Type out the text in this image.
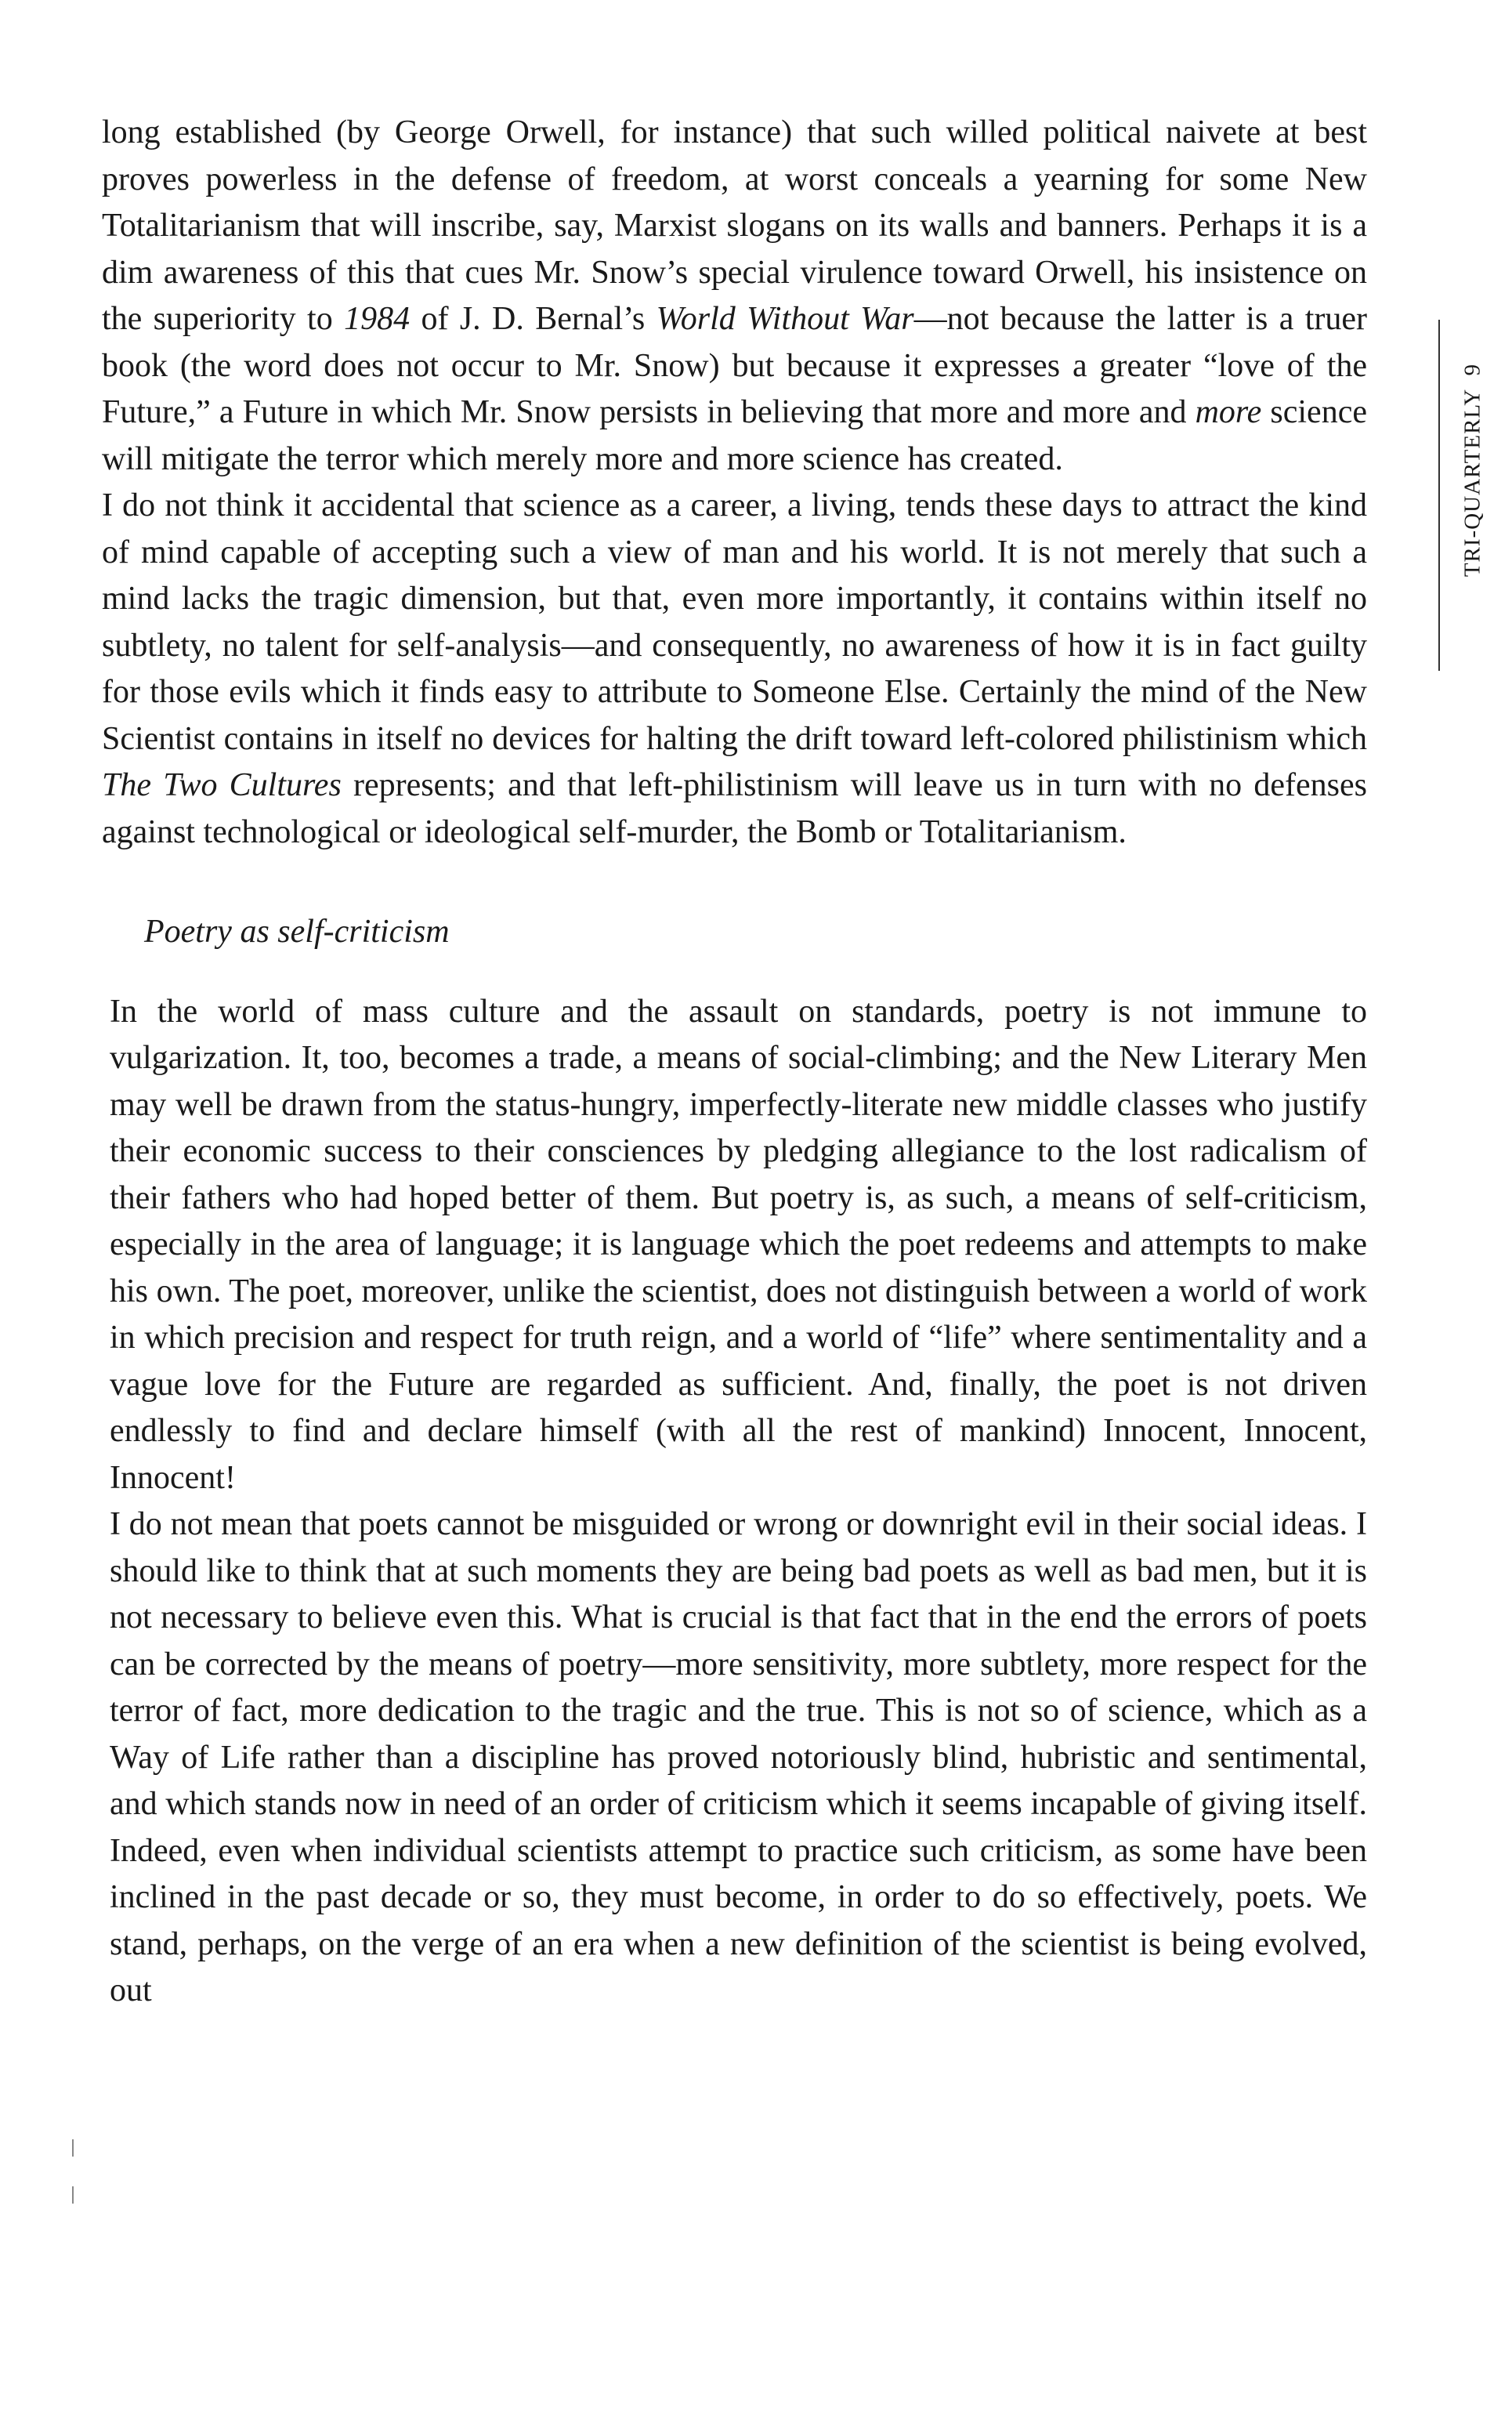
TRI-QUARTERLY  9

long established (by George Orwell, for instance) that such willed political naivete at best proves powerless in the defense of freedom, at worst conceals a yearning for some New Totalitarianism that will inscribe, say, Marxist slogans on its walls and banners. Perhaps it is a dim awareness of this that cues Mr. Snow’s special virulence toward Orwell, his insistence on the superiority to 1984 of J. D. Bernal’s World Without War—not because the latter is a truer book (the word does not occur to Mr. Snow) but because it expresses a greater “love of the Future,” a Future in which Mr. Snow persists in believing that more and more and more science will mitigate the terror which merely more and more science has created.

I do not think it accidental that science as a career, a living, tends these days to attract the kind of mind capable of accepting such a view of man and his world. It is not merely that such a mind lacks the tragic dimension, but that, even more importantly, it contains within itself no subtlety, no talent for self-analysis—and consequently, no awareness of how it is in fact guilty for those evils which it finds easy to attribute to Someone Else. Certainly the mind of the New Scientist contains in itself no devices for halting the drift toward left-colored philistinism which The Two Cultures represents; and that left-philistinism will leave us in turn with no defenses against technological or ideological self-murder, the Bomb or Totalitarianism.

Poetry as self-criticism

In the world of mass culture and the assault on standards, poetry is not immune to vulgarization. It, too, becomes a trade, a means of social-climbing; and the New Literary Men may well be drawn from the status-hungry, imperfectly-literate new middle classes who justify their economic success to their consciences by pledging allegiance to the lost radicalism of their fathers who had hoped better of them. But poetry is, as such, a means of self-criticism, especially in the area of language; it is language which the poet redeems and attempts to make his own. The poet, moreover, unlike the scientist, does not distinguish between a world of work in which precision and respect for truth reign, and a world of “life” where sentimentality and a vague love for the Future are regarded as sufficient. And, finally, the poet is not driven endlessly to find and declare himself (with all the rest of mankind) Innocent, Innocent, Innocent!

I do not mean that poets cannot be misguided or wrong or downright evil in their social ideas. I should like to think that at such moments they are being bad poets as well as bad men, but it is not necessary to believe even this. What is crucial is that fact that in the end the errors of poets can be corrected by the means of poetry—more sensitivity, more subtlety, more respect for the terror of fact, more dedication to the tragic and the true. This is not so of science, which as a Way of Life rather than a discipline has proved notoriously blind, hubristic and sentimental, and which stands now in need of an order of criticism which it seems incapable of giving itself. Indeed, even when individual scientists attempt to practice such criticism, as some have been inclined in the past decade or so, they must become, in order to do so effectively, poets. We stand, perhaps, on the verge of an era when a new definition of the scientist is being evolved, out
